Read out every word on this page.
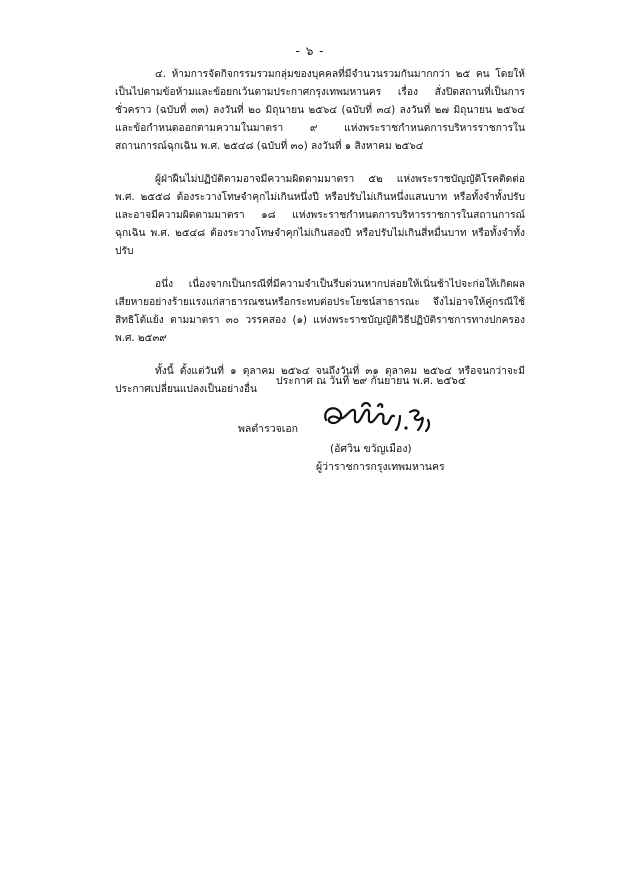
- ๖ -

๔. ห้ามการจัดกิจกรรมรวมกลุ่มของบุคคลที่มีจำนวนรวมกันมากกว่า ๒๕ คน โดยให้เป็นไปตามข้อห้ามและข้อยกเว้นตามประกาศกรุงเทพมหานคร เรื่อง สั่งปิดสถานที่เป็นการชั่วคราว (ฉบับที่ ๓๓) ลงวันที่ ๒๐ มิถุนายน ๒๕๖๔ (ฉบับที่ ๓๔) ลงวันที่ ๒๗ มิถุนายน ๒๕๖๔ และข้อกำหนดออกตามความในมาตรา ๙ แห่งพระราชกำหนดการบริหารราชการในสถานการณ์ฉุกเฉิน พ.ศ. ๒๕๔๘ (ฉบับที่ ๓๐) ลงวันที่ ๑ สิงหาคม ๒๕๖๔

ผู้ฝ่าฝืนไม่ปฏิบัติตามอาจมีความผิดตามมาตรา ๕๒ แห่งพระราชบัญญัติโรคติดต่อ พ.ศ. ๒๕๕๘ ต้องระวางโทษจำคุกไม่เกินหนึ่งปี หรือปรับไม่เกินหนึ่งแสนบาท หรือทั้งจำทั้งปรับ และอาจมีความผิดตามมาตรา ๑๘ แห่งพระราชกำหนดการบริหารราชการในสถานการณ์ฉุกเฉิน พ.ศ. ๒๕๔๘ ต้องระวางโทษจำคุกไม่เกินสองปี หรือปรับไม่เกินสี่หมื่นบาท หรือทั้งจำทั้งปรับ

อนึ่ง เนื่องจากเป็นกรณีที่มีความจำเป็นรีบด่วนหากปล่อยให้เนิ่นช้าไปจะก่อให้เกิดผลเสียหายอย่างร้ายแรงแก่สาธารณชนหรือกระทบต่อประโยชน์สาธารณะ จึงไม่อาจให้คู่กรณีใช้สิทธิโต้แย้ง ตามมาตรา ๓๐ วรรคสอง (๑) แห่งพระราชบัญญัติวิธีปฏิบัติราชการทางปกครอง พ.ศ. ๒๕๓๙

ทั้งนี้ ตั้งแต่วันที่ ๑ ตุลาคม ๒๕๖๔ จนถึงวันที่ ๓๑ ตุลาคม ๒๕๖๔ หรือจนกว่าจะมีประกาศเปลี่ยนแปลงเป็นอย่างอื่น

ประกาศ ณ วันที่ ๒๙ กันยายน พ.ศ. ๒๕๖๔
พลตำรวจเอก
(อัศวิน ขวัญเมือง)
ผู้ว่าราชการกรุงเทพมหานคร
